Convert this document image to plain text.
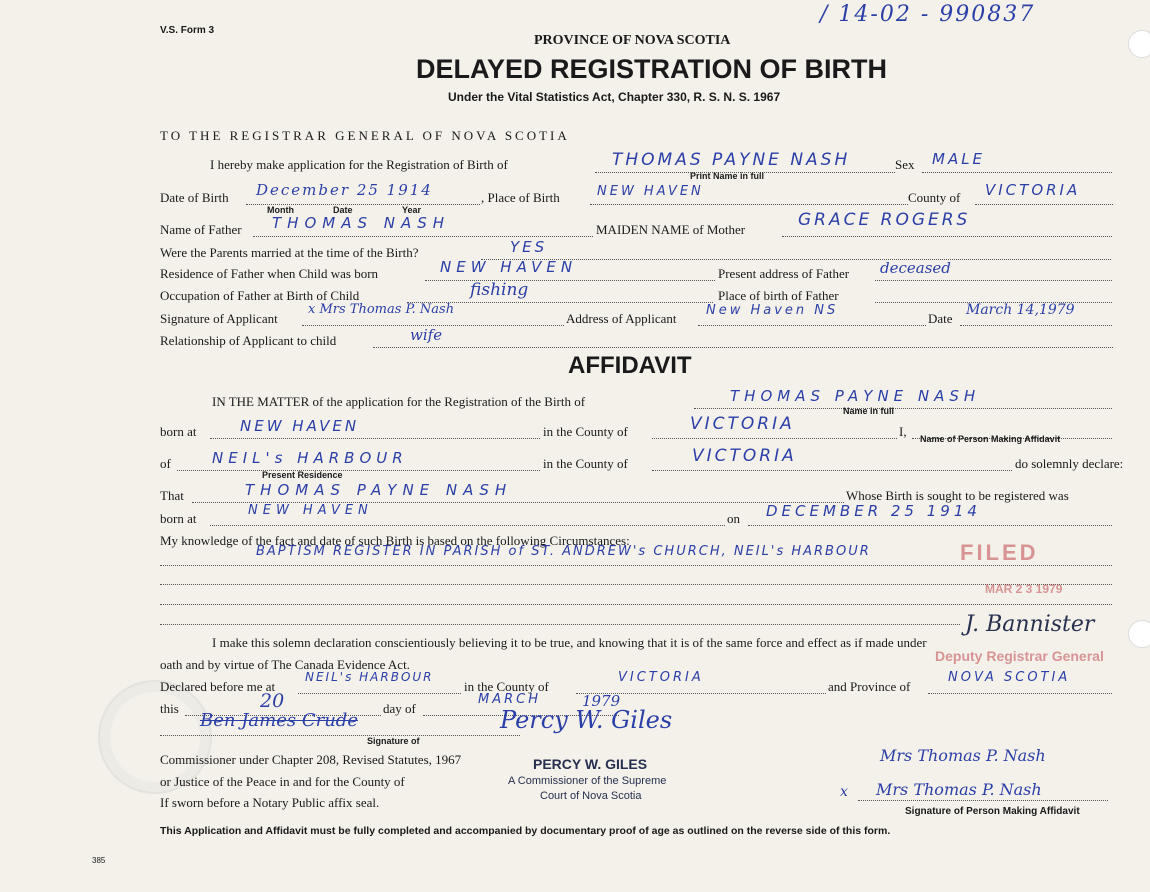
V.S. Form 3
/ 14-02 - 990837
PROVINCE OF NOVA SCOTIA
DELAYED REGISTRATION OF BIRTH
Under the Vital Statistics Act, Chapter 330, R. S. N. S. 1967
TO THE REGISTRAR GENERAL OF NOVA SCOTIA
I hereby make application for the Registration of Birth of	THOMAS PAYNE NASH	Sex MALE
Print Name in full
Date of Birth December 25 1914	, Place of Birth	NEW HAVEN	County of VICTORIA
Month	Date	Year
Name of Father THOMAS NASH	MAIDEN NAME of Mother	GRACE ROGERS
Were the Parents married at the time of the Birth?	YES
Residence of Father when Child was born	NEW HAVEN	Present address of Father deceased
Occupation of Father at Birth of Child	fishing	Place of birth of Father
Signature of Applicant
x Mrs Thomas P. Nash
Address of Applicant
New Haven NS
Date
March 14,1979
Relationship of Applicant to child	wife
AFFIDAVIT
IN THE MATTER of the application for the Registration of the Birth of	THOMAS PAYNE NASH
Name in full
born at	NEW HAVEN	in the County of	VICTORIA	I, Name of Person Making Affidavit
of	NEIL's HARBOUR
Present Residence
in the County of	VICTORIA	do solemnly declare:
That	THOMAS PAYNE NASH	Whose Birth is sought to be registered was
born at
NEW HAVEN
on DECEMBER 25 1914
My knowledge of the fact and date of such Birth is based on the following Circumstances:
BAPTISM REGISTER IN PARISH of ST. ANDREW's CHURCH, NEIL's HARBOUR
I make this solemn declaration conscientiously believing it to be true, and knowing that it is of the same force and effect as if made under
oath and by virtue of The Canada Evidence Act.
Declared before me at
NEIL's HARBOUR
in the County of
VICTORIA
and Province of
NOVA SCOTIA
this	20	day of
MARCH	1979
Ben James Crude	Percy W. Giles
Signature of
Commissioner under Chapter 208, Revised Statutes, 1967
or Justice of the Peace in and for the County of
If sworn before a Notary Public affix seal.
PERCY W. GILES
A Commissioner of the Supreme
Court of Nova Scotia
Mrs Thomas P. Nash
x Mrs Thomas P. Nash
Signature of Person Making Affidavit
FILED
MAR 2 3 1979
Deputy Registrar General
J. Bannister
This Application and Affidavit must be fully completed and accompanied by documentary proof of age as outlined on the reverse side of this form.
385
